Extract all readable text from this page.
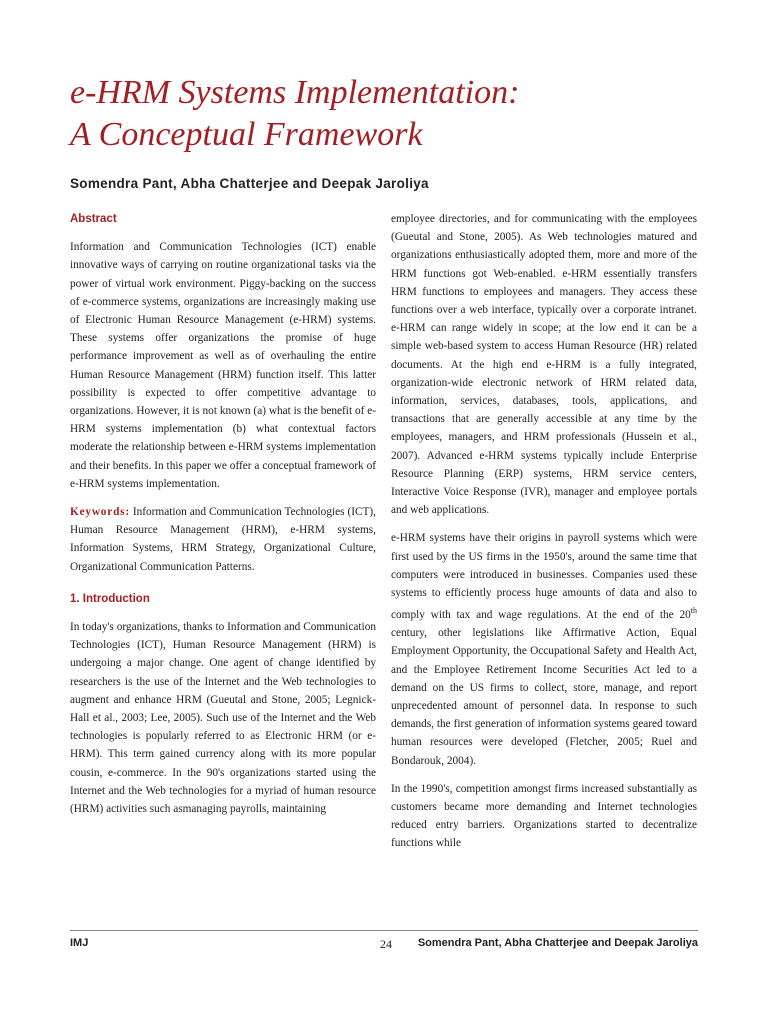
e-HRM Systems Implementation:
A Conceptual Framework
Somendra Pant, Abha Chatterjee and Deepak Jaroliya
Abstract

Information and Communication Technologies (ICT) enable innovative ways of carrying on routine organizational tasks via the power of virtual work environment. Piggy-backing on the success of e-commerce systems, organizations are increasingly making use of Electronic Human Resource Management (e-HRM) systems. These systems offer organizations the promise of huge performance improvement as well as of overhauling the entire Human Resource Management (HRM) function itself. This latter possibility is expected to offer competitive advantage to organizations. However, it is not known (a) what is the benefit of e-HRM systems implementation (b) what contextual factors moderate the relationship between e-HRM systems implementation and their benefits. In this paper we offer a conceptual framework of e-HRM systems implementation.

Keywords: Information and Communication Technologies (ICT), Human Resource Management (HRM), e-HRM systems, Information Systems, HRM Strategy, Organizational Culture, Organizational Communication Patterns.

1. Introduction

In today's organizations, thanks to Information and Communication Technologies (ICT), Human Resource Management (HRM) is undergoing a major change. One agent of change identified by researchers is the use of the Internet and the Web technologies to augment and enhance HRM (Gueutal and Stone, 2005; Legnick-Hall et al., 2003; Lee, 2005). Such use of the Internet and the Web technologies is popularly referred to as Electronic HRM (or e-HRM). This term gained currency along with its more popular cousin, e-commerce. In the 90's organizations started using the Internet and the Web technologies for a myriad of human resource (HRM) activities such asmanaging payrolls, maintaining

employee directories, and for communicating with the employees (Gueutal and Stone, 2005). As Web technologies matured and organizations enthusiastically adopted them, more and more of the HRM functions got Web-enabled. e-HRM essentially transfers HRM functions to employees and managers. They access these functions over a web interface, typically over a corporate intranet. e-HRM can range widely in scope; at the low end it can be a simple web-based system to access Human Resource (HR) related documents. At the high end e-HRM is a fully integrated, organization-wide electronic network of HRM related data, information, services, databases, tools, applications, and transactions that are generally accessible at any time by the employees, managers, and HRM professionals (Hussein et al., 2007). Advanced e-HRM systems typically include Enterprise Resource Planning (ERP) systems, HRM service centers, Interactive Voice Response (IVR), manager and employee portals and web applications.

e-HRM systems have their origins in payroll systems which were first used by the US firms in the 1950's, around the same time that computers were introduced in businesses. Companies used these systems to efficiently process huge amounts of data and also to comply with tax and wage regulations. At the end of the 20th century, other legislations like Affirmative Action, Equal Employment Opportunity, the Occupational Safety and Health Act, and the Employee Retirement Income Securities Act led to a demand on the US firms to collect, store, manage, and report unprecedented amount of personnel data. In response to such demands, the first generation of information systems geared toward human resources were developed (Fletcher, 2005; Ruel and Bondarouk, 2004).

In the 1990's, competition amongst firms increased substantially as customers became more demanding and Internet technologies reduced entry barriers. Organizations started to decentralize functions while

IMJ	24 Somendra Pant, Abha Chatterjee and Deepak Jaroliya
